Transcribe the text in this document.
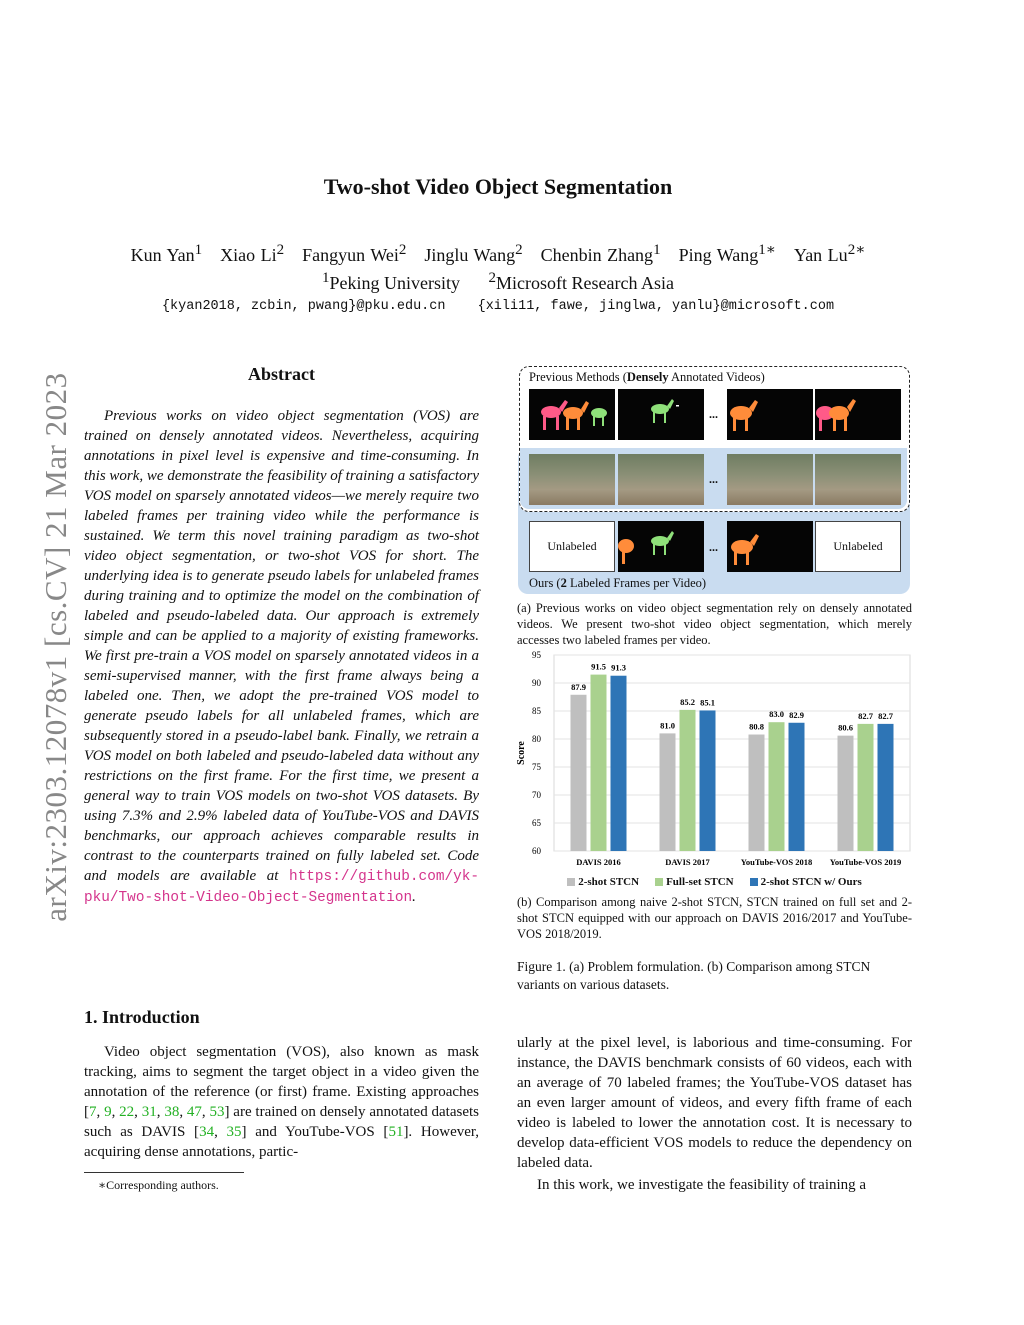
Two-shot Video Object Segmentation
Kun Yan$^1$ Xiao Li$^2$ Fangyun Wei$^2$ Jinglu Wang$^2$ Chenbin Zhang$^1$ Ping Wang$^{1∗}$ Yan $Lu^{2∗}$
$^1$Peking University $^2$Microsoft Research Asia
{kyan2018, zcbin, pwang}@pku.edu.cn {xili11, fawe, jinglwa, yanlu}@microsoft.com
arXiv:2303.12078v1 [cs.CV] 21 Mar 2023	Abstract
Previous works on video object segmentation (VOS) are trained on densely annotated videos. Nevertheless, acquiring annotations in pixel level is expensive and time-consuming. In this work, we demonstrate the feasibility of training a satisfactory VOS model on sparsely annotated videos—we merely require two labeled frames per training video while the performance is sustained. We term this novel training paradigm as two-shot video object segmentation, or two-shot VOS for short. The underlying idea is to generate pseudo labels for unlabeled frames during training and to optimize the model on the combination of labeled and pseudo-labeled data. Our approach is extremely simple and can be applied to a majority of existing frameworks. We first pre-train a VOS model on sparsely annotated videos in a semi-supervised manner, with the first frame always being a labeled one. Then, we adopt the pre-trained VOS model to generate pseudo labels for all unlabeled frames, which are subsequently stored in a pseudo-label bank. Finally, we retrain a VOS model on both labeled and pseudo-labeled data without any restrictions on the first frame. For the first time, we present a general way to train VOS models on two-shot VOS datasets. By using 7.3% and 2.9% labeled data of YouTube-VOS and DAVIS benchmarks, our approach achieves comparable results in contrast to the counterparts trained on fully labeled set. Code and models are available at https://github.com/yk-pku/Two-shot-Video-Object-Segmentation.
1. Introduction
Video object segmentation (VOS), also known as mask tracking, aims to segment the target object in a video given the annotation of the reference (or first) frame. Existing approaches [7, 9, 22, 31, 38, 47, 53] are trained on densely annotated datasets such as DAVIS [34, 35] and YouTube-VOS [51]. However, acquiring dense annotations, partic-
∗Corresponding authors.

ularly at the pixel level, is laborious and time-consuming. For instance, the DAVIS benchmark consists of 60 videos, each with an average of 70 labeled frames; the YouTube-VOS dataset has an even larger amount of videos, and every fifth frame of each video is labeled to lower the annotation cost. It is necessary to develop data-efficient VOS models to reduce the dependency on labeled data.

In this work, we investigate the feasibility of training a

Previous Methods (Densely Annotated Videos)
...
...
Unlabeled	...	Unlabeled
Ours (2 Labeled Frames per Video)
(a) Previous works on video object segmentation rely on densely annotated videos. We present two-shot video object segmentation, which merely accesses two labeled frames per video.
60
65
70
75
80
85
90
95
Score
87.9
91.5 91.3
DAVIS 2016
81.0
85.2 85.1
DAVIS 2017
80.8
83.0 82.9
YouTube-VOS 2018
80.6
82.7 82.7
YouTube-VOS 2019
2-shot STCN Full-set STCN 2-shot STCN w/ Ours
(b) Comparison among naive 2-shot STCN, STCN trained on full set and 2-shot STCN equipped with our approach on DAVIS 2016/2017 and YouTube-VOS 2018/2019.
Figure 1. (a) Problem formulation. (b) Comparison among STCN variants on various datasets.
